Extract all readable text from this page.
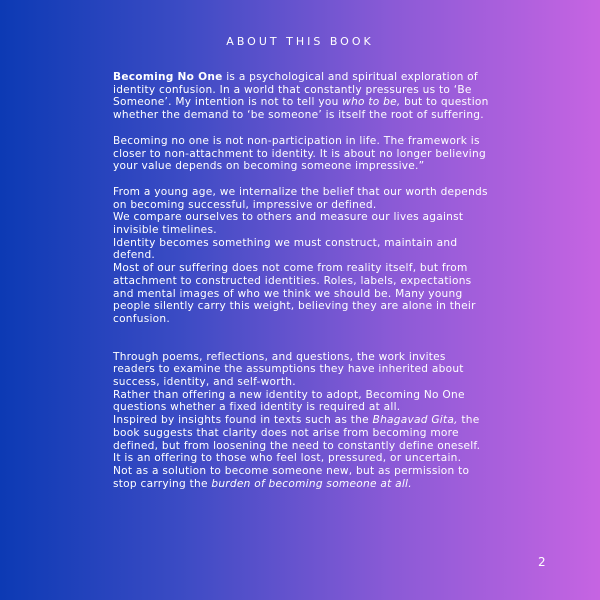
ABOUT THIS BOOK

Becoming No One is a psychological and spiritual exploration of identity confusion. In a world that constantly pressures us to ‘Be Someone’. My intention is not to tell you who to be, but to question whether the demand to ‘be someone’ is itself the root of suffering.

Becoming no one is not non-participation in life. The framework is closer to non-attachment to identity. It is about no longer believing your value depends on becoming someone impressive.”

From a young age, we internalize the belief that our worth depends on becoming successful, impressive or defined.

We compare ourselves to others and measure our lives against invisible timelines.

Identity becomes something we must construct, maintain and defend.

Most of our suffering does not come from reality itself, but from attachment to constructed identities. Roles, labels, expectations and mental images of who we think we should be. Many young people silently carry this weight, believing they are alone in their confusion.

Through poems, reflections, and questions, the work invites readers to examine the assumptions they have inherited about success, identity, and self-worth.

Rather than offering a new identity to adopt, Becoming No One questions whether a fixed identity is required at all.

Inspired by insights found in texts such as the Bhagavad Gita, the book suggests that clarity does not arise from becoming more defined, but from loosening the need to constantly define oneself.

It is an offering to those who feel lost, pressured, or uncertain.

Not as a solution to become someone new, but as permission to stop carrying the burden of becoming someone at all.

2
